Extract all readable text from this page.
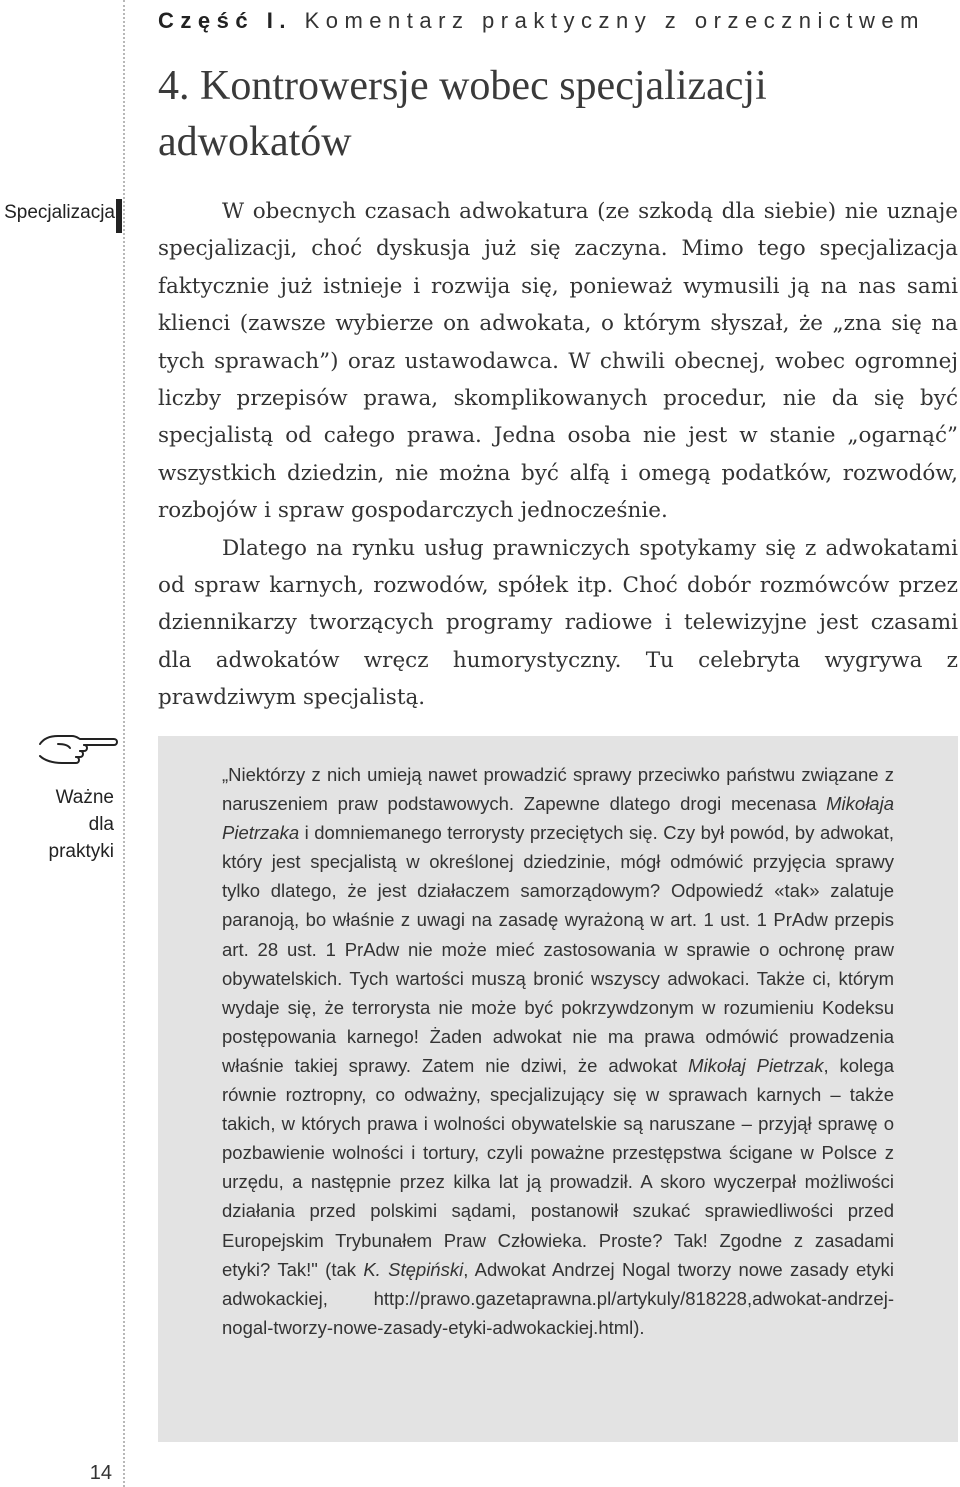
Część I. Komentarz praktyczny z orzecznictwem
4. Kontrowersje wobec specjalizacji adwokatów
Specjalizacja	W obecnych czasach adwokatura (ze szkodą dla siebie) nie uznaje specjalizacji, choć dyskusja już się zaczyna. Mimo tego specjalizacja faktycznie już istnieje i rozwija się, ponieważ wymusili ją na nas sami klienci (zawsze wybierze on adwokata, o którym słyszał, że „zna się na tych sprawach”) oraz ustawodawca. W chwili obecnej, wobec ogromnej liczby przepisów prawa, skomplikowanych procedur, nie da się być specjalistą od całego prawa. Jedna osoba nie jest w stanie „ogarnąć” wszystkich dziedzin, nie można być alfą i omegą podatków, rozwodów, rozbojów i spraw gospodarczych jednocześnie.

Dlatego na rynku usług prawniczych spotykamy się z adwokatami od spraw karnych, rozwodów, spółek itp. Choć dobór rozmówców przez dziennikarzy tworzących programy radiowe i telewizyjne jest czasami dla adwokatów wręcz humorystyczny. Tu celebryta wygrywa z prawdziwym specjalistą.

Ważne
dla
praktyki
„Niektórzy z nich umieją nawet prowadzić sprawy przeciwko państwu związane z naruszeniem praw podstawowych. Zapewne dlatego drogi mecenasa Mikołaja Pietrzaka i domniemanego terrorysty przeciętych się. Czy był powód, by adwokat, który jest specjalistą w określonej dziedzinie, mógł odmówić przyjęcia sprawy tylko dlatego, że jest działaczem samorządowym? Odpowiedź «tak» zalatuje paranoją, bo właśnie z uwagi na zasadę wyrażoną w art. 1 ust. 1 PrAdw przepis art. 28 ust. 1 PrAdw nie może mieć zastosowania w sprawie o ochronę praw obywatelskich. Tych wartości muszą bronić wszyscy adwokaci. Także ci, którym wydaje się, że terrorysta nie może być pokrzywdzonym w rozumieniu Kodeksu postępowania karnego! Żaden adwokat nie ma prawa odmówić prowadzenia właśnie takiej sprawy. Zatem nie dziwi, że adwokat Mikołaj Pietrzak, kolega równie roztropny, co odważny, specjalizujący się w sprawach karnych – także takich, w których prawa i wolności obywatelskie są naruszane – przyjął sprawę o pozbawienie wolności i tortury, czyli poważne przestępstwa ścigane w Polsce z urzędu, a następnie przez kilka lat ją prowadził. A skoro wyczerpał możliwości działania przed polskimi sądami, postanowił szukać sprawiedliwości przed Europejskim Trybunałem Praw Człowieka. Proste? Tak! Zgodne z zasadami etyki? Tak!" (tak K. Stępiński, Adwokat Andrzej Nogal tworzy nowe zasady etyki adwokackiej, http://prawo.gazetaprawna.pl/artykuly/818228,adwokat-andrzej-nogal-tworzy-nowe-zasady-etyki-adwokackiej.html).
14
